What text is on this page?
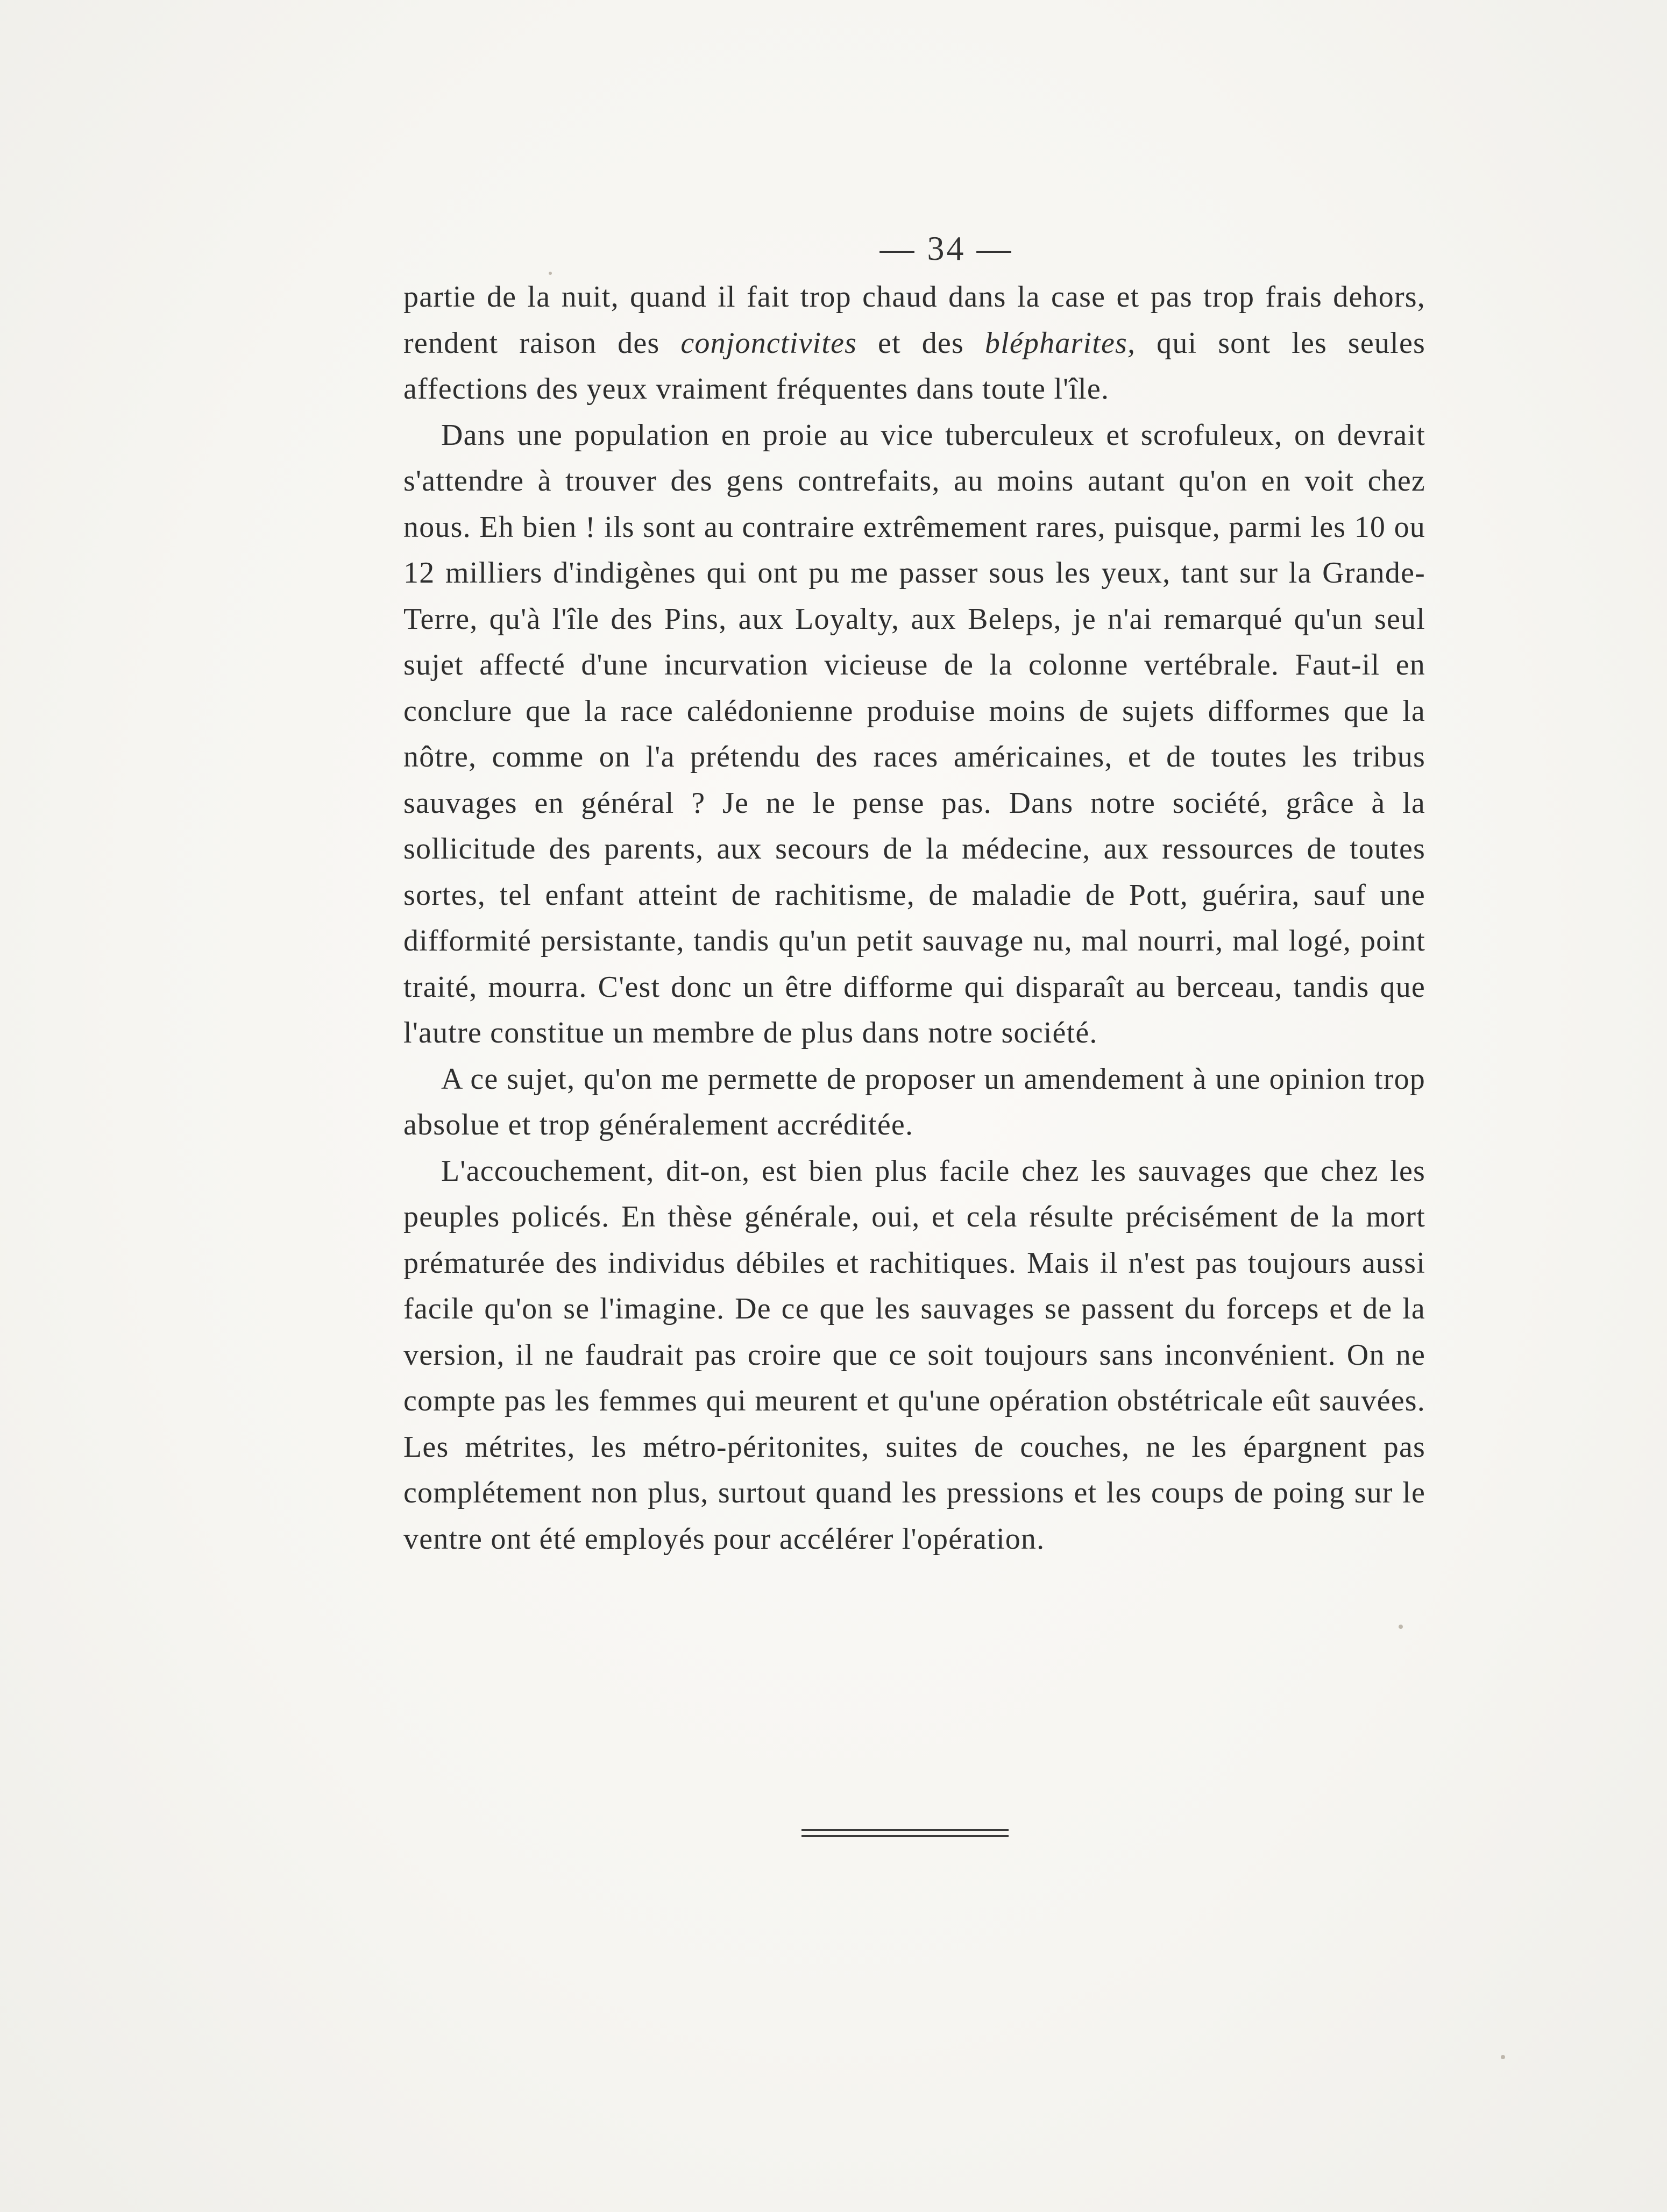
— 34 —

partie de la nuit, quand il fait trop chaud dans la case et pas trop frais dehors, rendent raison des conjonctivites et des blépharites, qui sont les seules affections des yeux vraiment fréquentes dans toute l'île.

Dans une population en proie au vice tuberculeux et scrofuleux, on devrait s'attendre à trouver des gens contrefaits, au moins autant qu'on en voit chez nous. Eh bien ! ils sont au contraire extrêmement rares, puisque, parmi les 10 ou 12 milliers d'indigènes qui ont pu me passer sous les yeux, tant sur la Grande-Terre, qu'à l'île des Pins, aux Loyalty, aux Beleps, je n'ai remarqué qu'un seul sujet affecté d'une incurvation vicieuse de la colonne vertébrale. Faut-il en conclure que la race calédonienne produise moins de sujets difformes que la nôtre, comme on l'a prétendu des races américaines, et de toutes les tribus sauvages en général ? Je ne le pense pas. Dans notre société, grâce à la sollicitude des parents, aux secours de la médecine, aux ressources de toutes sortes, tel enfant atteint de rachitisme, de maladie de Pott, guérira, sauf une difformité persistante, tandis qu'un petit sauvage nu, mal nourri, mal logé, point traité, mourra. C'est donc un être difforme qui disparaît au berceau, tandis que l'autre constitue un membre de plus dans notre société.

A ce sujet, qu'on me permette de proposer un amendement à une opinion trop absolue et trop généralement accréditée.

L'accouchement, dit-on, est bien plus facile chez les sauvages que chez les peuples policés. En thèse générale, oui, et cela résulte précisément de la mort prématurée des individus débiles et rachitiques. Mais il n'est pas toujours aussi facile qu'on se l'imagine. De ce que les sauvages se passent du forceps et de la version, il ne faudrait pas croire que ce soit toujours sans inconvénient. On ne compte pas les femmes qui meurent et qu'une opération obstétricale eût sauvées. Les métrites, les métro-péritonites, suites de couches, ne les épargnent pas complétement non plus, surtout quand les pressions et les coups de poing sur le ventre ont été employés pour accélérer l'opération.
